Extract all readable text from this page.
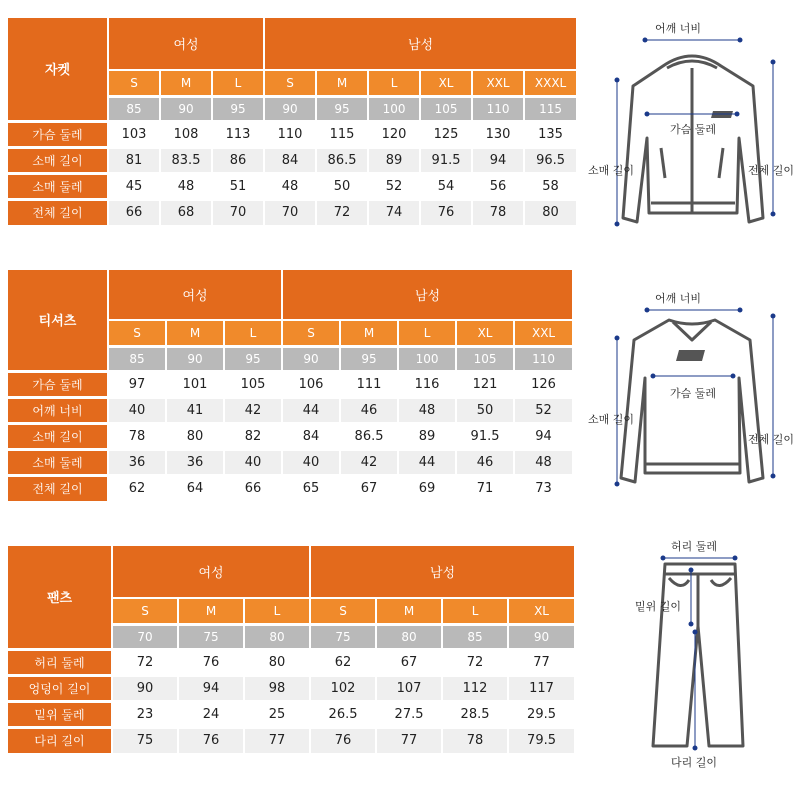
자켓	여성			남성					
	S	M	L	S	M	L	XL	XXL	XXXL
	85	90	95	90	95	100	105	110	115
가슴 둘레	103	108	113	110	115	120	125	130	135
소매 길이	81	83.5	86	84	86.5	89	91.5	94	96.5
소매 둘레	45	48	51	48	50	52	54	56	58
전체 길이	66	68	70	70	72	74	76	78	80
티셔츠	여성			남성				
	S	M	L	S	M	L	XL	XXL
	85	90	95	90	95	100	105	110
가슴 둘레	97	101	105	106	111	116	121	126
어깨 너비	40	41	42	44	46	48	50	52
소매 길이	78	80	82	84	86.5	89	91.5	94
소매 둘레	36	36	40	40	42	44	46	48
전체 길이	62	64	66	65	67	69	71	73
팬츠	여성			남성			
	S	M	L	S	M	L	XL
	70	75	80	75	80	85	90
허리 둘레	72	76	80	62	67	72	77
엉덩이 길이	90	94	98	102	107	112	117
밑위 둘레	23	24	25	26.5	27.5	28.5	29.5
다리 길이	75	76	77	76	77	78	79.5
어깨 너비
가슴 둘레
소매 길이	전체 길이
어깨 너비
가슴 둘레
소매 길이
전체 길이
허리 둘레
밑위 길이
다리 길이
